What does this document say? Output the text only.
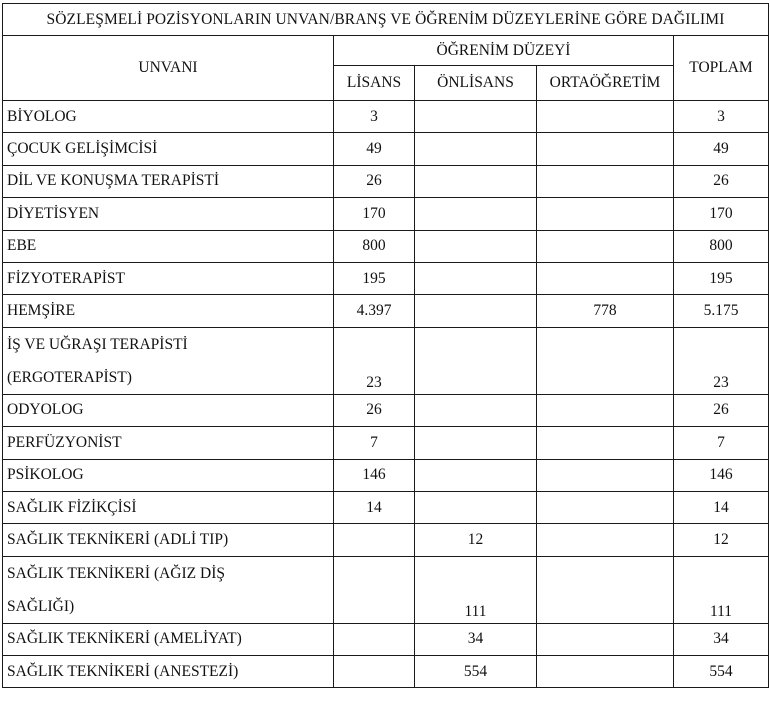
SÖZLEŞMELİ POZİSYONLARIN UNVAN/BRANŞ VE ÖĞRENİM DÜZEYLERİNE GÖRE DAĞILIMI				
UNVANI	ÖĞRENİM DÜZEYİ			TOPLAM
	LİSANS	ÖNLİSANS	ORTAÖĞRETİM	
BİYOLOG	3			3
ÇOCUK GELİŞİMCİSİ	49			49
DİL VE KONUŞMA TERAPİSTİ	26			26
DİYETİSYEN	170			170
EBE	800			800
FİZYOTERAPİST	195			195
HEMŞİRE	4.397		778	5.175
İŞ VE UĞRAŞI TERAPİSTİ
(ERGOTERAPİST)	23			23
ODYOLOG	26			26
PERFÜZYONİST	7			7
PSİKOLOG	146			146
SAĞLIK FİZİKÇİSİ	14			14
SAĞLIK TEKNİKERİ (ADLİ TIP)		12		12
SAĞLIK TEKNİKERİ (AĞIZ DİŞ
SAĞLIĞI)		111		111
SAĞLIK TEKNİKERİ (AMELİYAT)		34		34
SAĞLIK TEKNİKERİ (ANESTEZİ)		554		554
